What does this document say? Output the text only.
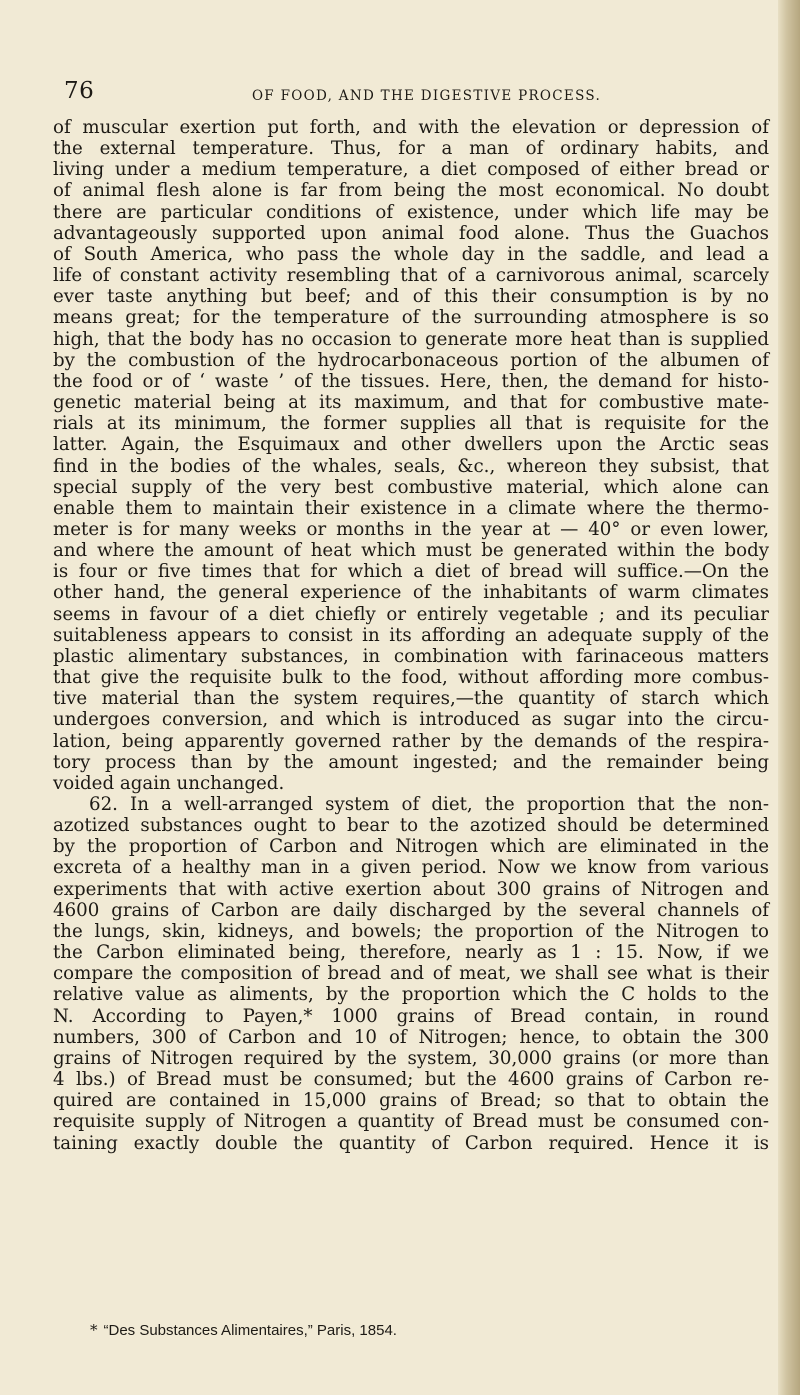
76	OF FOOD, AND THE DIGESTIVE PROCESS.
of muscular exertion put forth, and with the elevation or depression of
the external temperature. Thus, for a man of ordinary habits, and
living under a medium temperature, a diet composed of either bread or
of animal flesh alone is far from being the most economical. No doubt
there are particular conditions of existence, under which life may be
advantageously supported upon animal food alone. Thus the Guachos
of South America, who pass the whole day in the saddle, and lead a
life of constant activity resembling that of a carnivorous animal, scarcely
ever taste anything but beef; and of this their consumption is by no
means great; for the temperature of the surrounding atmosphere is so
high, that the body has no occasion to generate more heat than is supplied
by the combustion of the hydrocarbonaceous portion of the albumen of
the food or of ‘ waste ’ of the tissues. Here, then, the demand for histo-
genetic material being at its maximum, and that for combustive mate-
rials at its minimum, the former supplies all that is requisite for the
latter. Again, the Esquimaux and other dwellers upon the Arctic seas
find in the bodies of the whales, seals, &c., whereon they subsist, that
special supply of the very best combustive material, which alone can
enable them to maintain their existence in a climate where the thermo-
meter is for many weeks or months in the year at — 40° or even lower,
and where the amount of heat which must be generated within the body
is four or five times that for which a diet of bread will suffice.—On the
other hand, the general experience of the inhabitants of warm climates
seems in favour of a diet chiefly or entirely vegetable ; and its peculiar
suitableness appears to consist in its affording an adequate supply of the
plastic alimentary substances, in combination with farinaceous matters
that give the requisite bulk to the food, without affording more combus-
tive material than the system requires,—the quantity of starch which
undergoes conversion, and which is introduced as sugar into the circu-
lation, being apparently governed rather by the demands of the respira-
tory process than by the amount ingested; and the remainder being
voided again unchanged.
62. In a well-arranged system of diet, the proportion that the non-
azotized substances ought to bear to the azotized should be determined
by the proportion of Carbon and Nitrogen which are eliminated in the
excreta of a healthy man in a given period. Now we know from various
experiments that with active exertion about 300 grains of Nitrogen and
4600 grains of Carbon are daily discharged by the several channels of
the lungs, skin, kidneys, and bowels; the proportion of the Nitrogen to
the Carbon eliminated being, therefore, nearly as 1 : 15. Now, if we
compare the composition of bread and of meat, we shall see what is their
relative value as aliments, by the proportion which the C holds to the
N. According to Payen,* 1000 grains of Bread contain, in round
numbers, 300 of Carbon and 10 of Nitrogen; hence, to obtain the 300
grains of Nitrogen required by the system, 30,000 grains (or more than
4 lbs.) of Bread must be consumed; but the 4600 grains of Carbon re-
quired are contained in 15,000 grains of Bread; so that to obtain the
requisite supply of Nitrogen a quantity of Bread must be consumed con-
taining exactly double the quantity of Carbon required. Hence it is
* “Des Substances Alimentaires,” Paris, 1854.
